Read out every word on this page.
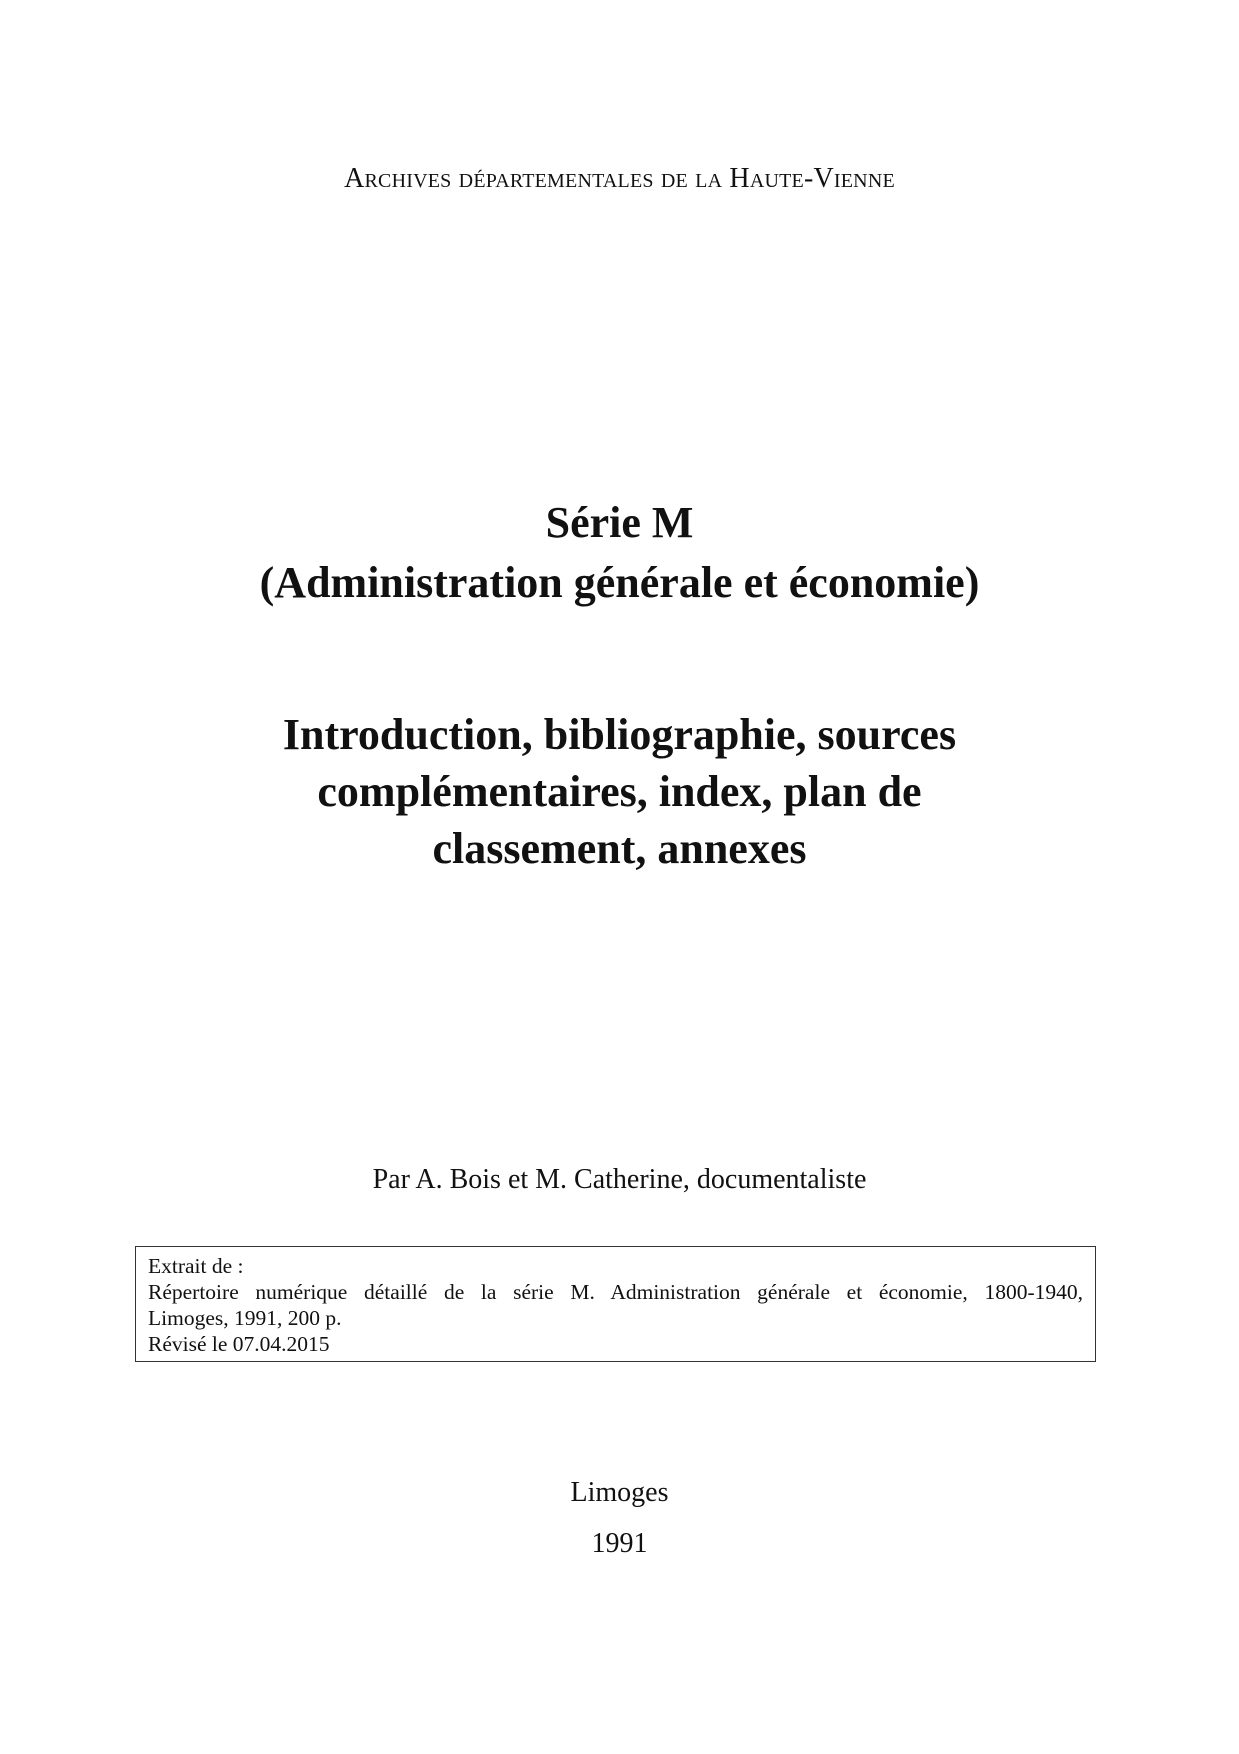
Archives départementales de la Haute-Vienne
Série M
(Administration générale et économie)
Introduction, bibliographie, sources
complémentaires, index, plan de
classement, annexes
Par A. Bois et M. Catherine, documentaliste
Extrait de :
Répertoire numérique détaillé de la série M. Administration générale et économie, 1800-1940,
Limoges, 1991, 200 p.
Révisé le 07.04.2015
Limoges
1991
